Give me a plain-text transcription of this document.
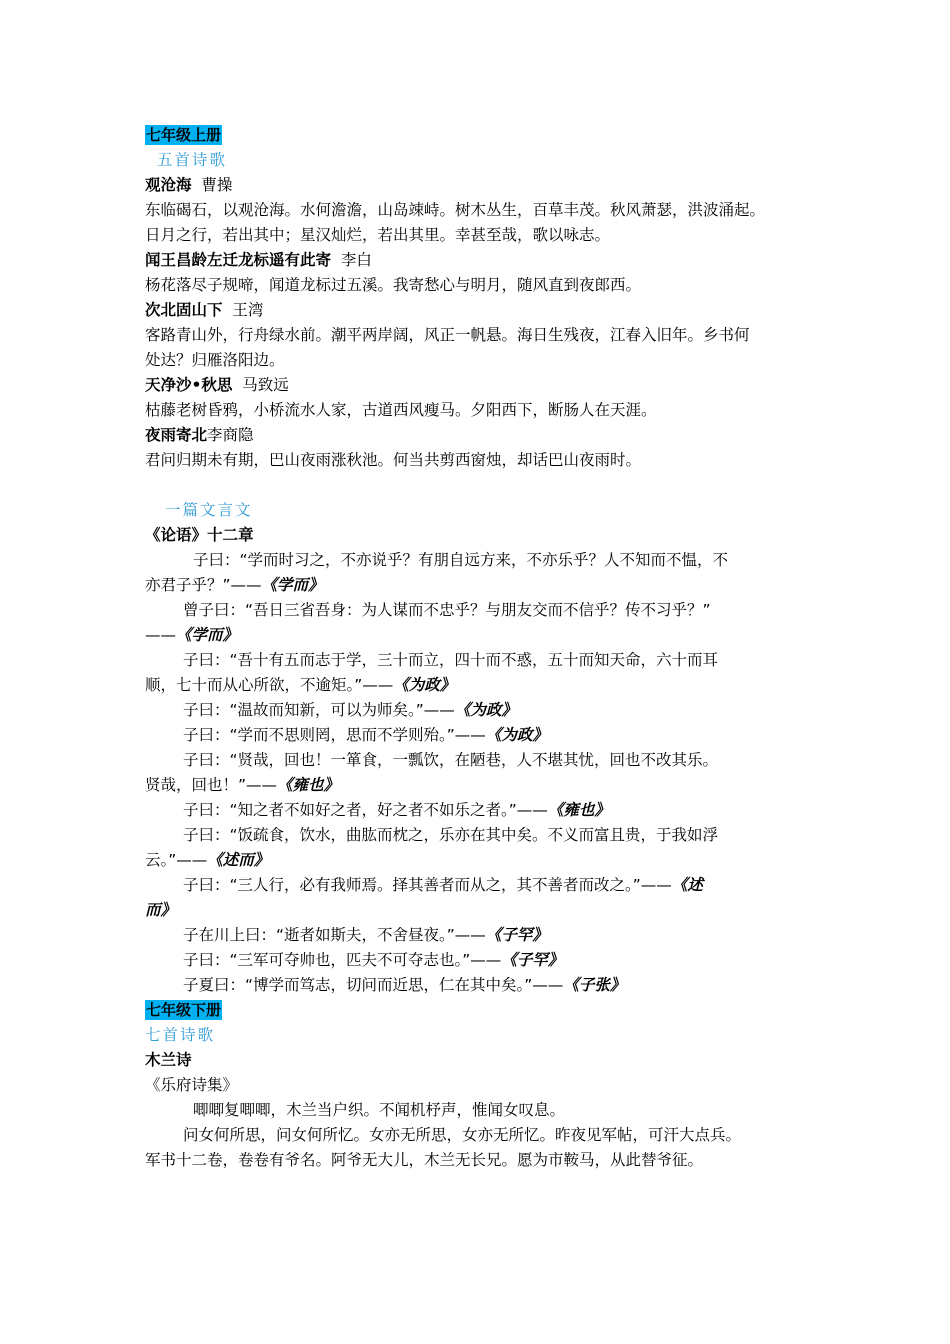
七年级上册
五首诗歌
观沧海 曹操
东临碣石，以观沧海。水何澹澹，山岛竦峙。树木丛生，百草丰茂。秋风萧瑟，洪波涌起。
日月之行，若出其中；星汉灿烂，若出其里。幸甚至哉，歌以咏志。
闻王昌龄左迁龙标遥有此寄 李白
杨花落尽子规啼，闻道龙标过五溪。我寄愁心与明月，随风直到夜郎西。
次北固山下 王湾
客路青山外，行舟绿水前。潮平两岸阔，风正一帆悬。海日生残夜，江春入旧年。乡书何
处达？归雁洛阳边。
天净沙•秋思 马致远
枯藤老树昏鸦，小桥流水人家，古道西风瘦马。夕阳西下，断肠人在天涯。
夜雨寄北李商隐
君问归期未有期，巴山夜雨涨秋池。何当共剪西窗烛，却话巴山夜雨时。
一篇文言文
《论语》十二章
子曰：“学而时习之，不亦说乎？有朋自远方来，不亦乐乎？人不知而不愠，不
亦君子乎？”——《学而》
曾子曰：“吾日三省吾身：为人谋而不忠乎？与朋友交而不信乎？传不习乎？”
——《学而》
子曰：“吾十有五而志于学，三十而立，四十而不惑，五十而知天命，六十而耳
顺，七十而从心所欲，不逾矩。”——《为政》
子曰：“温故而知新，可以为师矣。”——《为政》
子曰：“学而不思则罔，思而不学则殆。”——《为政》
子曰：“贤哉，回也！一箪食，一瓢饮，在陋巷，人不堪其忧，回也不改其乐。
贤哉，回也！”——《雍也》
子曰：“知之者不如好之者，好之者不如乐之者。”——《雍也》
子曰：“饭疏食，饮水，曲肱而枕之，乐亦在其中矣。不义而富且贵，于我如浮
云。”——《述而》
子曰：“三人行，必有我师焉。择其善者而从之，其不善者而改之。”——《述
而》
子在川上曰：“逝者如斯夫，不舍昼夜。”——《子罕》
子曰：“三军可夺帅也，匹夫不可夺志也。”——《子罕》
子夏曰：“博学而笃志，切问而近思，仁在其中矣。”——《子张》
七年级下册
七首诗歌
木兰诗
《乐府诗集》
唧唧复唧唧，木兰当户织。不闻机杼声，惟闻女叹息。
问女何所思，问女何所忆。女亦无所思，女亦无所忆。昨夜见军帖，可汗大点兵。
军书十二卷，卷卷有爷名。阿爷无大儿，木兰无长兄。愿为市鞍马，从此替爷征。
